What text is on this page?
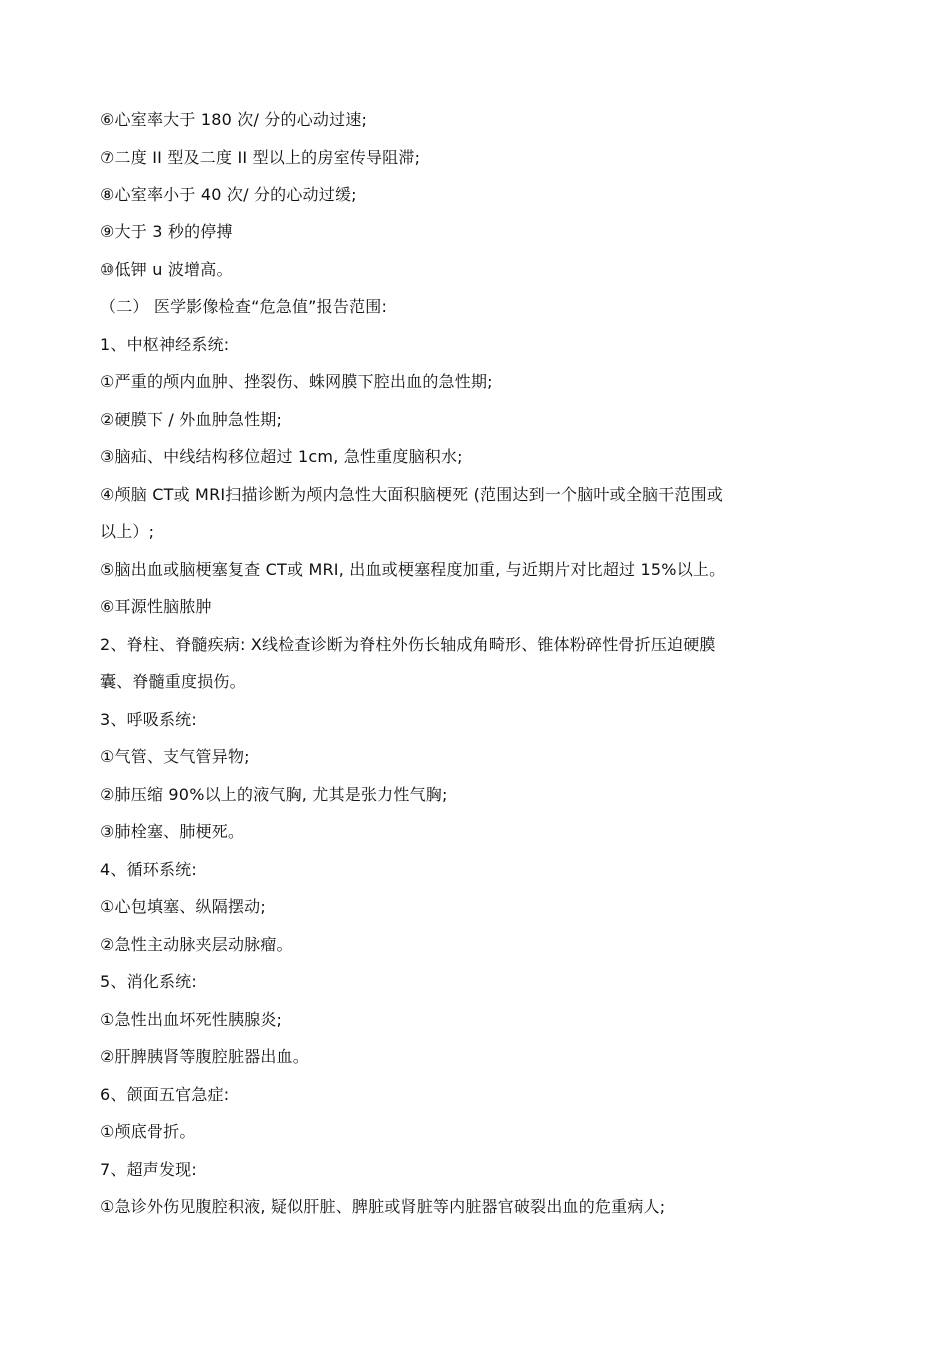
⑥心室率大于 180 次/ 分的心动过速;
⑦二度 II 型及二度 II 型以上的房室传导阻滞;
⑧心室率小于 40 次/ 分的心动过缓;
⑨大于 3 秒的停搏
⑩低钾 u 波增高。
（二） 医学影像检查“危急值”报告范围:
1、中枢神经系统:
①严重的颅内血肿、挫裂伤、蛛网膜下腔出血的急性期;
②硬膜下 / 外血肿急性期;
③脑疝、中线结构移位超过 1cm, 急性重度脑积水;
④颅脑 CT或 MRI扫描诊断为颅内急性大面积脑梗死 (范围达到一个脑叶或全脑干范围或
以上）;
⑤脑出血或脑梗塞复查 CT或 MRI, 出血或梗塞程度加重, 与近期片对比超过 15%以上。
⑥耳源性脑脓肿
2、脊柱、脊髓疾病: X线检查诊断为脊柱外伤长轴成角畸形、锥体粉碎性骨折压迫硬膜
囊、脊髓重度损伤。
3、呼吸系统:
①气管、支气管异物;
②肺压缩 90%以上的液气胸, 尤其是张力性气胸;
③肺栓塞、肺梗死。
4、循环系统:
①心包填塞、纵隔摆动;
②急性主动脉夹层动脉瘤。
5、消化系统:
①急性出血坏死性胰腺炎;
②肝脾胰肾等腹腔脏器出血。
6、颌面五官急症:
①颅底骨折。
7、超声发现:
①急诊外伤见腹腔积液, 疑似肝脏、脾脏或肾脏等内脏器官破裂出血的危重病人;
